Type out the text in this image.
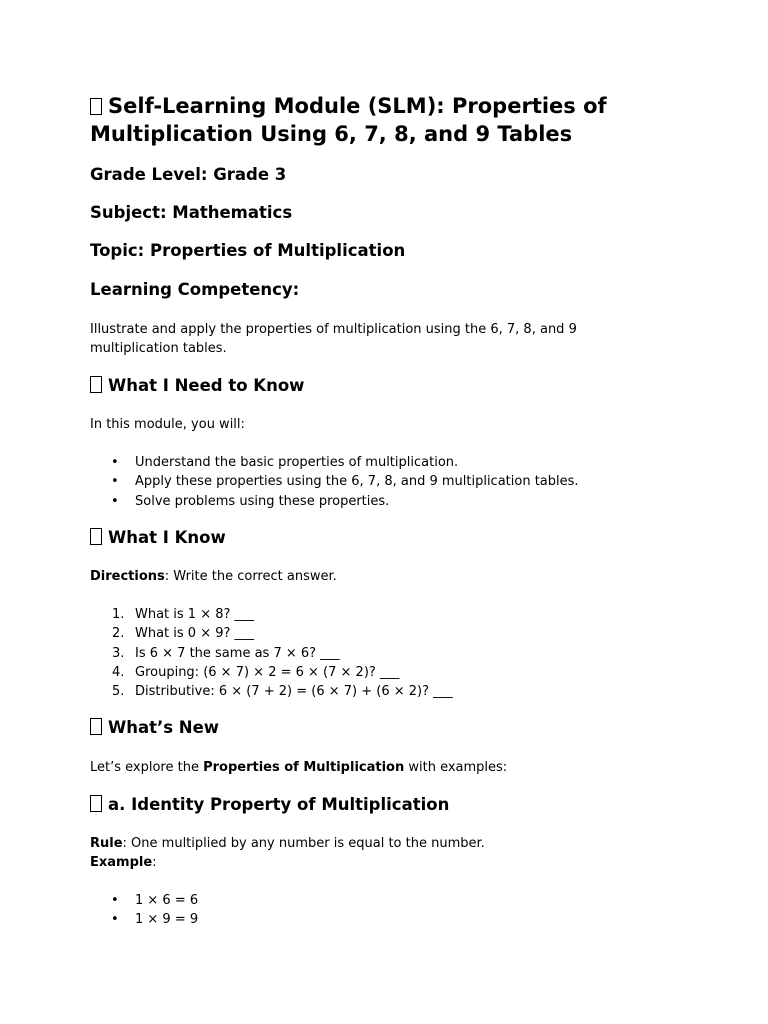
Self-Learning Module (SLM): Properties of Multiplication Using 6, 7, 8, and 9 Tables
Grade Level: Grade 3
Subject: Mathematics
Topic: Properties of Multiplication
Learning Competency:

Illustrate and apply the properties of multiplication using the 6, 7, 8, and 9 multiplication tables.

What I Need to Know

In this module, you will:

• Understand the basic properties of multiplication.
• Apply these properties using the 6, 7, 8, and 9 multiplication tables.
• Solve problems using these properties.
What I Know

Directions: Write the correct answer.

1. What is 1 × 8? ___
2. What is 0 × 9? ___
3. Is 6 × 7 the same as 7 × 6? ___
4. Grouping: (6 × 7) × 2 = 6 × (7 × 2)? ___
5. Distributive: 6 × (7 + 2) = (6 × 7) + (6 × 2)? ___
What’s New

Let’s explore the Properties of Multiplication with examples:

a. Identity Property of Multiplication

Rule: One multiplied by any number is equal to the number.

Example:

• 1 × 6 = 6
• 1 × 9 = 9
